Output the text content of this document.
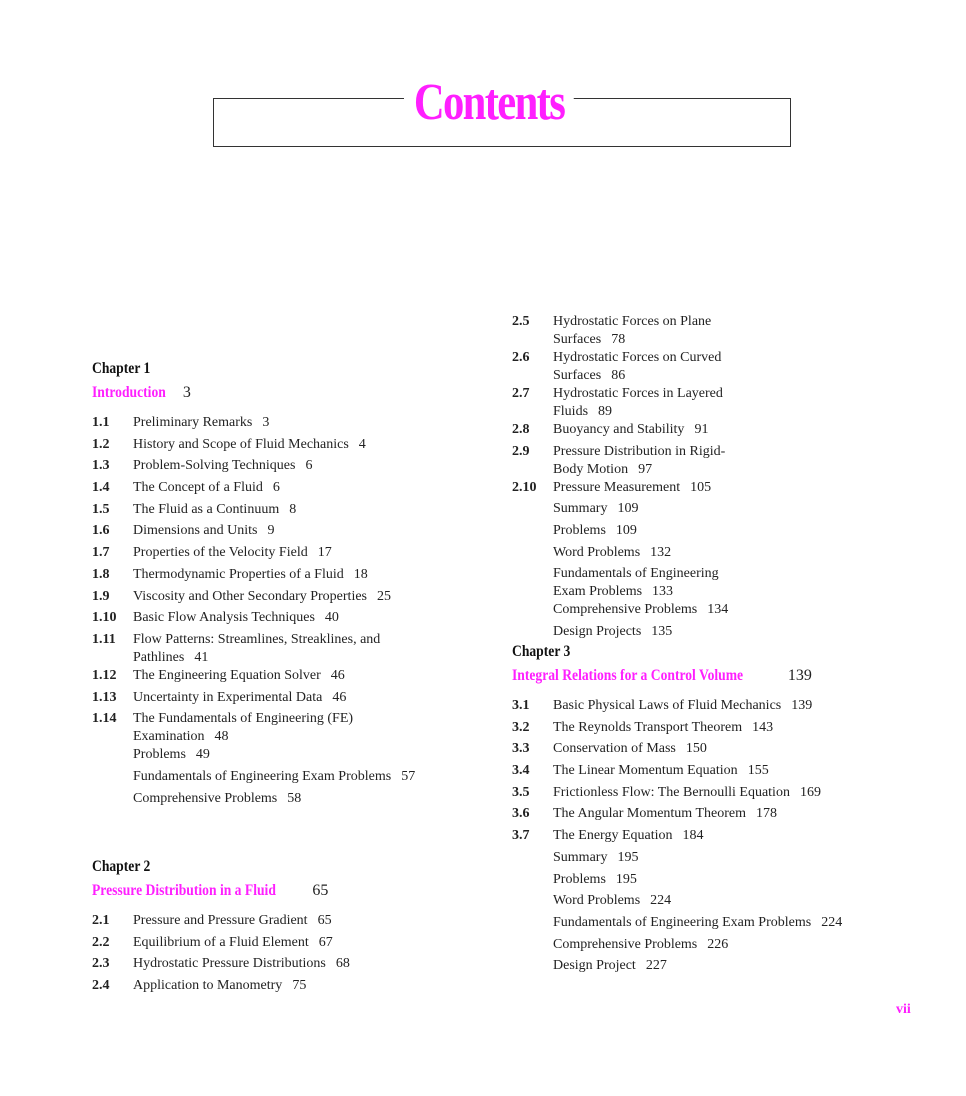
Contents
Chapter 1
Introduction 3
1.1	Preliminary Remarks 3
1.2	History and Scope of Fluid Mechanics 4
1.3	Problem-Solving Techniques 6
1.4	The Concept of a Fluid 6
1.5	The Fluid as a Continuum 8
1.6	Dimensions and Units 9
1.7	Properties of the Velocity Field 17
1.8	Thermodynamic Properties of a Fluid 18
1.9	Viscosity and Other Secondary Properties 25
1.10	Basic Flow Analysis Techniques 40
1.11	Flow Patterns: Streamlines, Streaklines, and Pathlines 41
1.12	The Engineering Equation Solver 46
1.13	Uncertainty in Experimental Data 46
1.14	The Fundamentals of Engineering (FE) Examination 48
Problems 49
Fundamentals of Engineering Exam Problems 57
Comprehensive Problems 58
Chapter 2
Pressure Distribution in a Fluid 65
2.1	Pressure and Pressure Gradient 65
2.2	Equilibrium of a Fluid Element 67
2.3	Hydrostatic Pressure Distributions 68
2.4	Application to Manometry 75
2.5	Hydrostatic Forces on Plane Surfaces 78
2.6	Hydrostatic Forces on Curved Surfaces 86
2.7	Hydrostatic Forces in Layered Fluids 89
2.8	Buoyancy and Stability 91
2.9	Pressure Distribution in Rigid-Body Motion 97
2.10	Pressure Measurement 105
Summary 109
Problems 109
Word Problems 132
Fundamentals of Engineering Exam Problems 133
Comprehensive Problems 134
Design Projects 135
Chapter 3
Integral Relations for a Control Volume	139
3.1	Basic Physical Laws of Fluid Mechanics 139
3.2	The Reynolds Transport Theorem 143
3.3	Conservation of Mass 150
3.4	The Linear Momentum Equation 155
3.5	Frictionless Flow: The Bernoulli Equation 169
3.6	The Angular Momentum Theorem 178
3.7	The Energy Equation 184
Summary 195
Problems 195
Word Problems 224
Fundamentals of Engineering Exam Problems 224
Comprehensive Problems 226
Design Project 227
vii
